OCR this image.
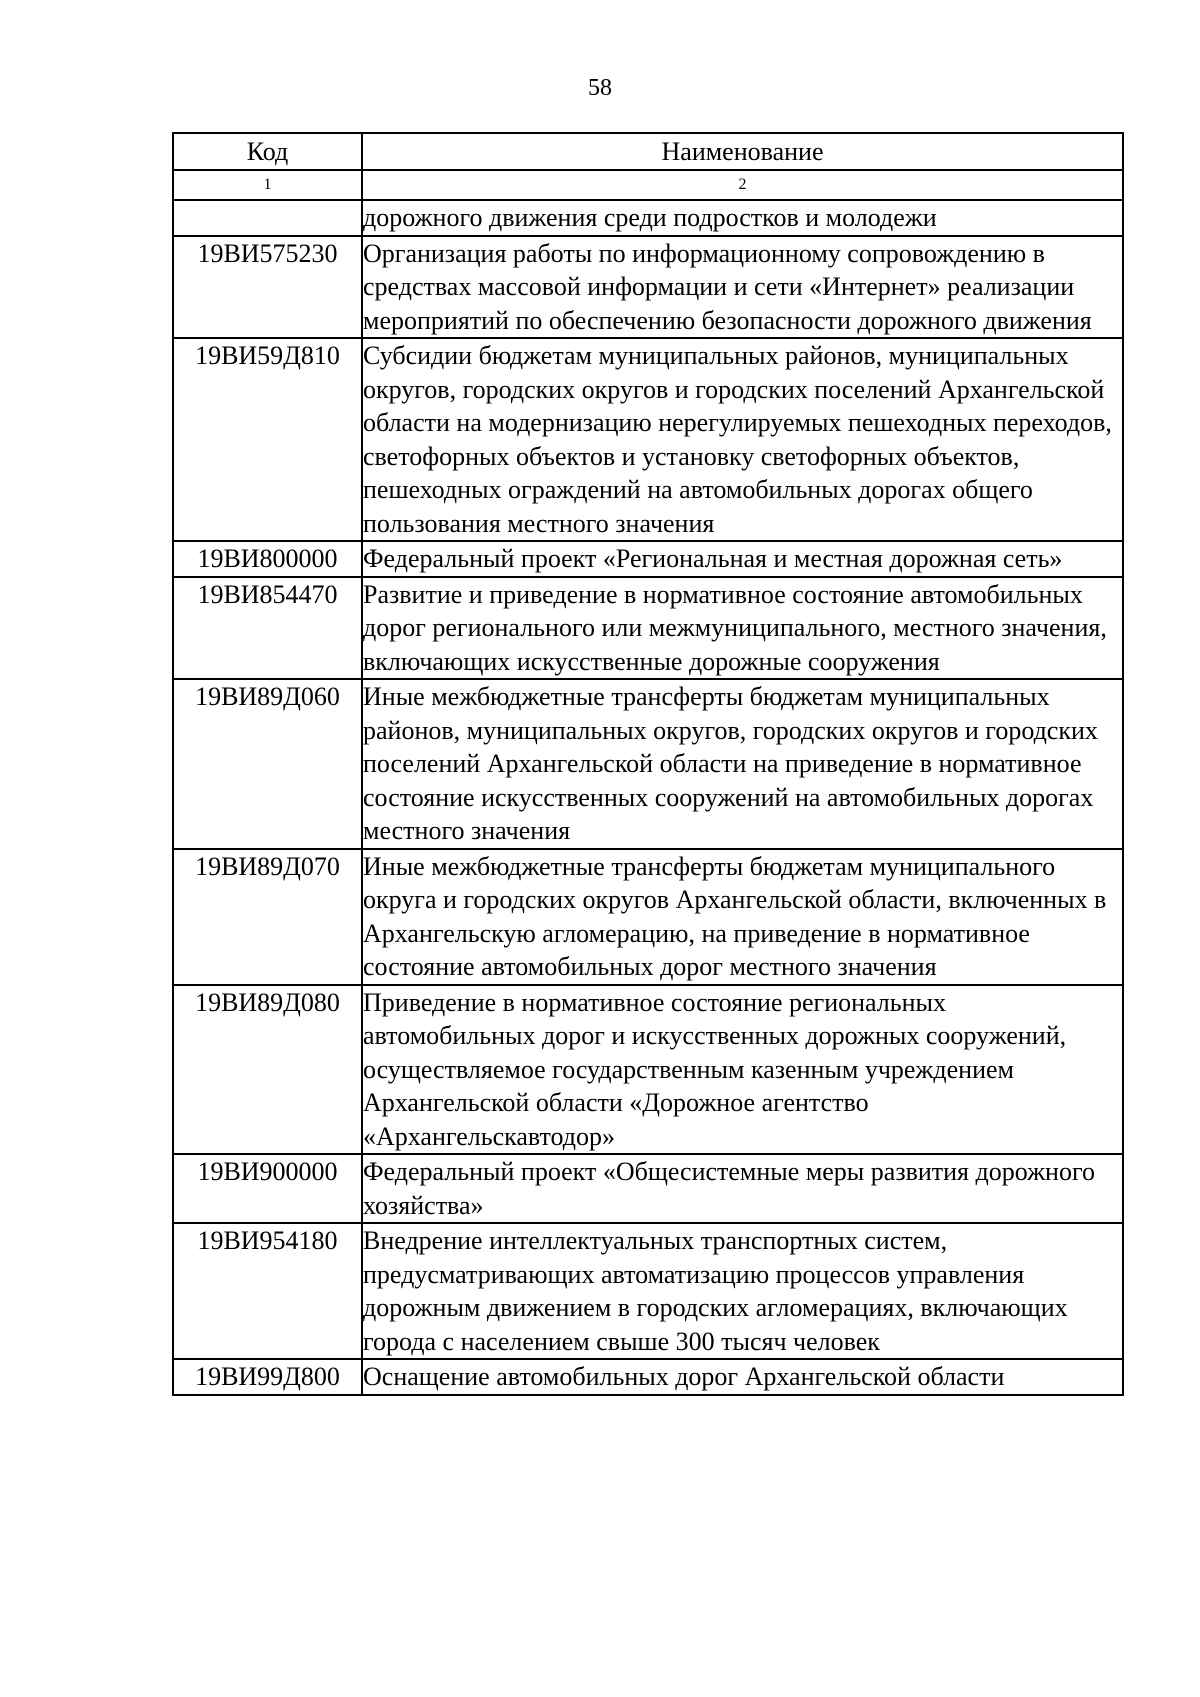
58
Код	Наименование
1	2
	дорожного движения среди подростков и молодежи
19ВИ575230	Организация работы по информационному сопровождению в средствах массовой информации и сети «Интернет» реализации мероприятий по обеспечению безопасности дорожного движения
19ВИ59Д810	Субсидии бюджетам муниципальных районов, муниципальных округов, городских округов и городских поселений Архангельской области на модернизацию нерегулируемых пешеходных переходов, светофорных объектов и установку светофорных объектов, пешеходных ограждений на автомобильных дорогах общего пользования местного значения
19ВИ800000	Федеральный проект «Региональная и местная дорожная сеть»
19ВИ854470	Развитие и приведение в нормативное состояние автомобильных дорог регионального или межмуниципального, местного значения, включающих искусственные дорожные сооружения
19ВИ89Д060	Иные межбюджетные трансферты бюджетам муниципальных районов, муниципальных округов, городских округов и городских поселений Архангельской области на приведение в нормативное состояние искусственных сооружений на автомобильных дорогах местного значения
19ВИ89Д070	Иные межбюджетные трансферты бюджетам муниципального округа и городских округов Архангельской области, включенных в Архангельскую агломерацию, на приведение в нормативное состояние автомобильных дорог местного значения
19ВИ89Д080	Приведение в нормативное состояние региональных автомобильных дорог и искусственных дорожных сооружений, осуществляемое государственным казенным учреждением Архангельской области «Дорожное агентство «Архангельскавтодор»
19ВИ900000	Федеральный проект «Общесистемные меры развития дорожного хозяйства»
19ВИ954180	Внедрение интеллектуальных транспортных систем, предусматривающих автоматизацию процессов управления дорожным движением в городских агломерациях, включающих города с населением свыше 300 тысяч человек
19ВИ99Д800	Оснащение автомобильных дорог Архангельской области
